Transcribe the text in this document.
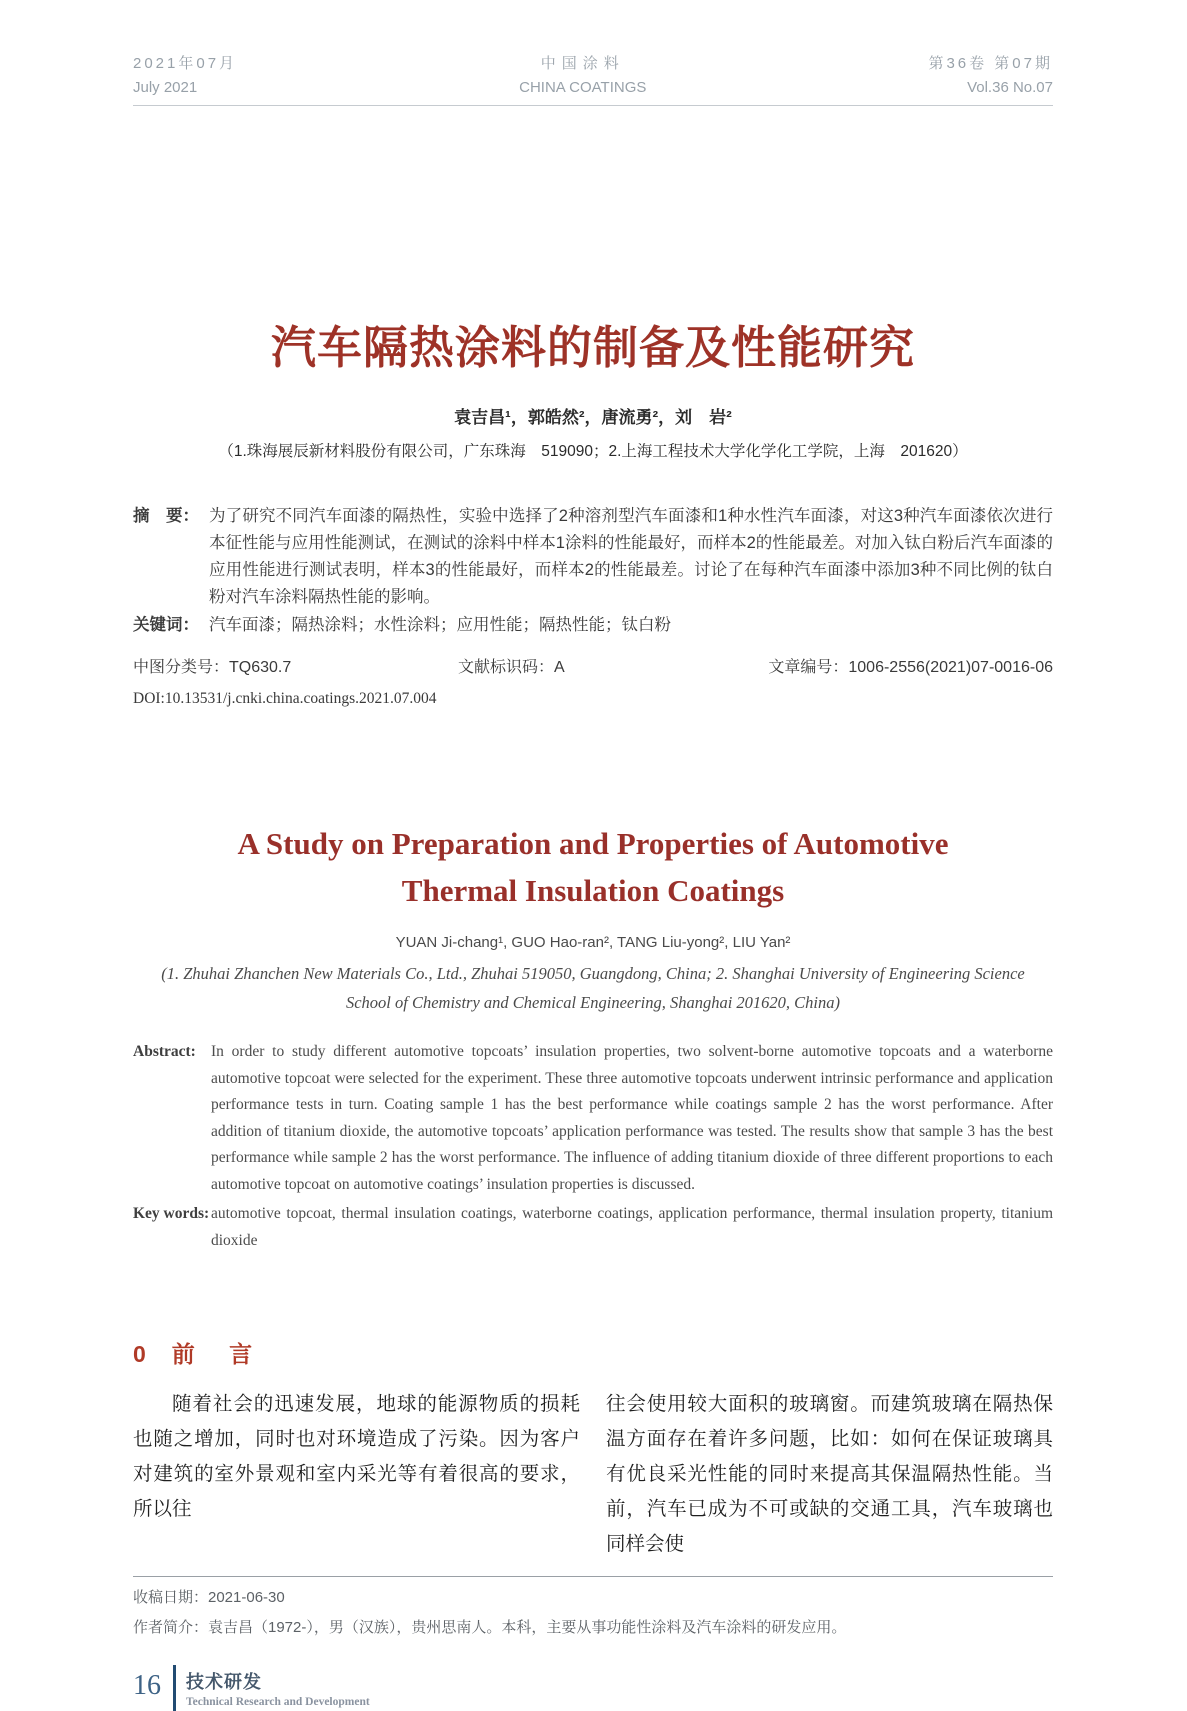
2021年07月
July 2021
中国涂料
CHINA COATINGS
第36卷 第07期
Vol.36 No.07
汽车隔热涂料的制备及性能研究
袁吉昌¹，郭皓然²，唐流勇²，刘　岩²
（1.珠海展辰新材料股份有限公司，广东珠海　519090；2.上海工程技术大学化学化工学院，上海　201620）
摘　要： 为了研究不同汽车面漆的隔热性，实验中选择了2种溶剂型汽车面漆和1种水性汽车面漆，对这3种汽车面漆依次进行本征性能与应用性能测试，在测试的涂料中样本1涂料的性能最好，而样本2的性能最差。对加入钛白粉后汽车面漆的应用性能进行测试表明，样本3的性能最好，而样本2的性能最差。讨论了在每种汽车面漆中添加3种不同比例的钛白粉对汽车涂料隔热性能的影响。
关键词： 汽车面漆；隔热涂料；水性涂料；应用性能；隔热性能；钛白粉
中图分类号：TQ630.7	文献标识码：A	文章编号：1006-2556(2021)07-0016-06
DOI:10.13531/j.cnki.china.coatings.2021.07.004
A Study on Preparation and Properties of Automotive
Thermal Insulation Coatings
YUAN Ji-chang¹, GUO Hao-ran², TANG Liu-yong², LIU Yan²
(1. Zhuhai Zhanchen New Materials Co., Ltd., Zhuhai 519050, Guangdong, China; 2. Shanghai University of Engineering Science
School of Chemistry and Chemical Engineering, Shanghai 201620, China)
Abstract: In order to study different automotive topcoats’ insulation properties, two solvent-borne automotive topcoats and a waterborne automotive topcoat were selected for the experiment. These three automotive topcoats underwent intrinsic performance and application performance tests in turn. Coating sample 1 has the best performance while coatings sample 2 has the worst performance. After addition of titanium dioxide, the automotive topcoats’ application performance was tested. The results show that sample 3 has the best performance while sample 2 has the worst performance. The influence of adding titanium dioxide of three different proportions to each automotive topcoat on automotive coatings’ insulation properties is discussed.
Key words: automotive topcoat, thermal insulation coatings, waterborne coatings, application performance, thermal insulation property, titanium dioxide
0 前 言

随着社会的迅速发展，地球的能源物质的损耗也随之增加，同时也对环境造成了污染。因为客户对建筑的室外景观和室内采光等有着很高的要求，所以往

往会使用较大面积的玻璃窗。而建筑玻璃在隔热保温方面存在着许多问题，比如：如何在保证玻璃具有优良采光性能的同时来提高其保温隔热性能。当前，汽车已成为不可或缺的交通工具，汽车玻璃也同样会使

收稿日期：2021-06-30
作者简介：袁吉昌（1972-），男（汉族），贵州思南人。本科，主要从事功能性涂料及汽车涂料的研发应用。
16 技术研发
Technical Research and Development
